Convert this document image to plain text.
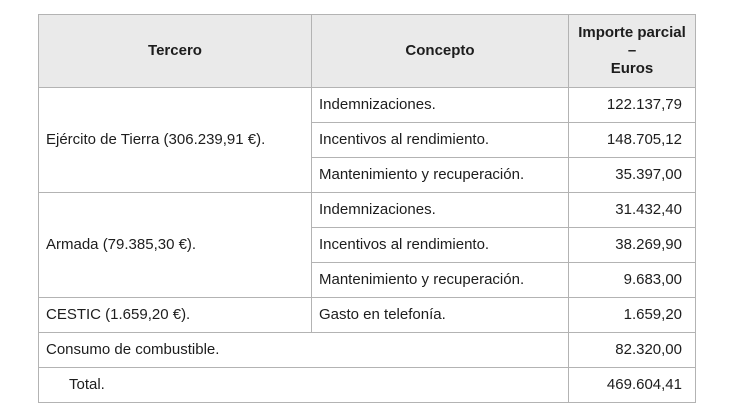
Tercero	Concepto	Importe parcial
–
Euros

Ejército de Tierra (306.239,91 €).	Indemnizaciones.	122.137,79
	Incentivos al rendimiento.	148.705,12
	Mantenimiento y recuperación.	35.397,00
Armada (79.385,30 €).	Indemnizaciones.	31.432,40
	Incentivos al rendimiento.	38.269,90
	Mantenimiento y recuperación.	9.683,00
CESTIC (1.659,20 €).	Gasto en telefonía.	1.659,20
Consumo de combustible.		82.320,00
Total.		469.604,41
